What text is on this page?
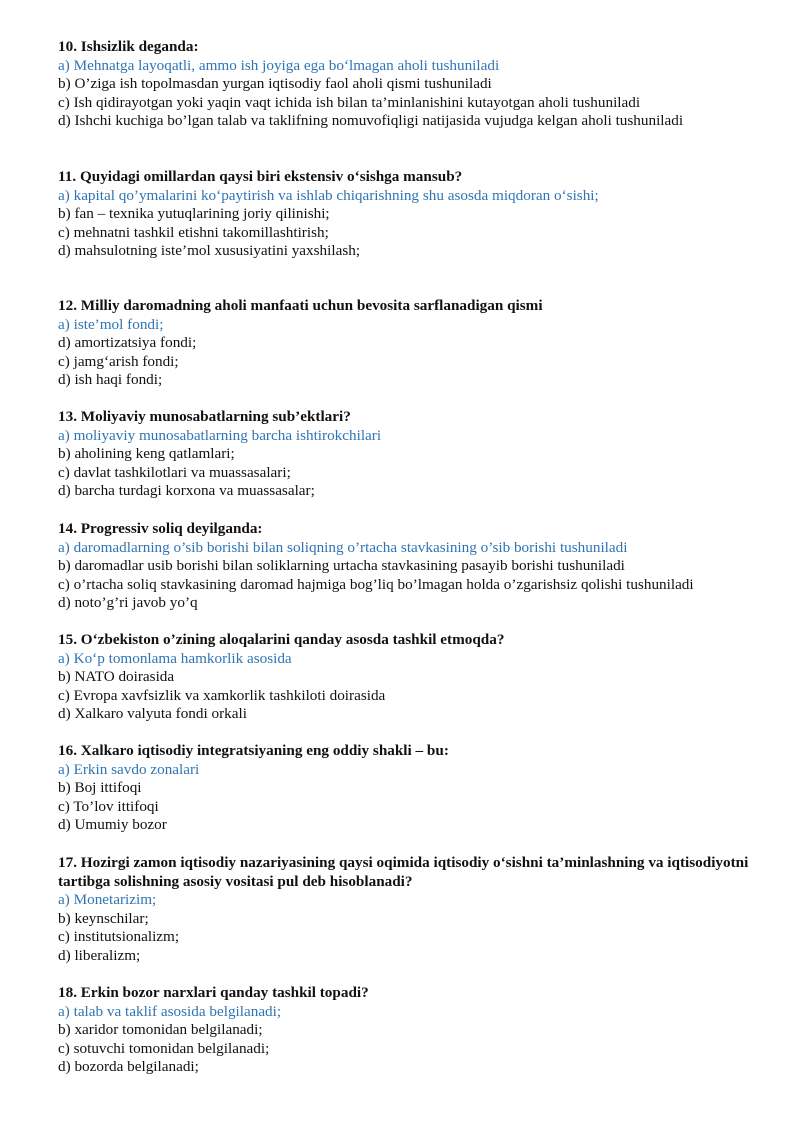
10. Ishsizlik deganda:
a) Mehnatga layoqatli, ammo ish joyiga ega bo‘lmagan aholi tushuniladi
b) O’ziga ish topolmasdan yurgan iqtisodiy faol aholi qismi tushuniladi
c) Ish qidirayotgan yoki yaqin vaqt ichida ish bilan ta’minlanishini kutayotgan aholi tushuniladi
d) Ishchi kuchiga bo’lgan talab va taklifning nomuvofiqligi natijasida vujudga kelgan aholi tushuniladi
11. Quyidagi omillardan qaysi biri ekstensiv o‘sishga mansub?
a) kapital qo’ymalarini ko‘paytirish va ishlab chiqarishning shu asosda miqdoran o‘sishi;
b) fan – texnika yutuqlarining joriy qilinishi;
c) mehnatni tashkil etishni takomillashtirish;
d) mahsulotning iste’mol xususiyatini yaxshilash;
12. Milliy daromadning aholi manfaati uchun bevosita sarflanadigan qismi
a) iste’mol fondi;
d) amortizatsiya fondi;
c) jamg‘arish fondi;
d) ish haqi fondi;
13. Moliyaviy munosabatlarning sub’ektlari?
a) moliyaviy munosabatlarning barcha ishtirokchilari
b) aholining keng qatlamlari;
c) davlat tashkilotlari va muassasalari;
d) barcha turdagi korxona va muassasalar;
14. Progressiv soliq deyilganda:
a) daromadlarning o’sib borishi bilan soliqning o’rtacha stavkasining o’sib borishi tushuniladi
b) daromadlar usib borishi bilan soliklarning urtacha stavkasining pasayib borishi tushuniladi
c) o’rtacha soliq stavkasining daromad hajmiga bog’liq bo’lmagan holda o’zgarishsiz qolishi tushuniladi
d) noto’g’ri javob yo’q
15. O‘zbekiston o’zining aloqalarini qanday asosda tashkil etmoqda?
a) Ko‘p tomonlama hamkorlik asosida
b) NATO doirasida
c) Evropa xavfsizlik va xamkorlik tashkiloti doirasida
d) Xalkaro valyuta fondi orkali
16. Xalkaro iqtisodiy integratsiyaning eng oddiy shakli – bu:
a) Erkin savdo zonalari
b) Boj ittifoqi
c) To’lov ittifoqi
d) Umumiy bozor
17. Hozirgi zamon iqtisodiy nazariyasining qaysi oqimida iqtisodiy o‘sishni ta’minlashning va iqtisodiyotni tartibga solishning asosiy vositasi pul deb hisoblanadi?
a) Monetarizim;
b) keynschilar;
c) institutsionalizm;
d) liberalizm;
18. Erkin bozor narxlari qanday tashkil topadi?
a) talab va taklif asosida belgilanadi;
b) xaridor tomonidan belgilanadi;
c) sotuvchi tomonidan belgilanadi;
d) bozorda belgilanadi;
